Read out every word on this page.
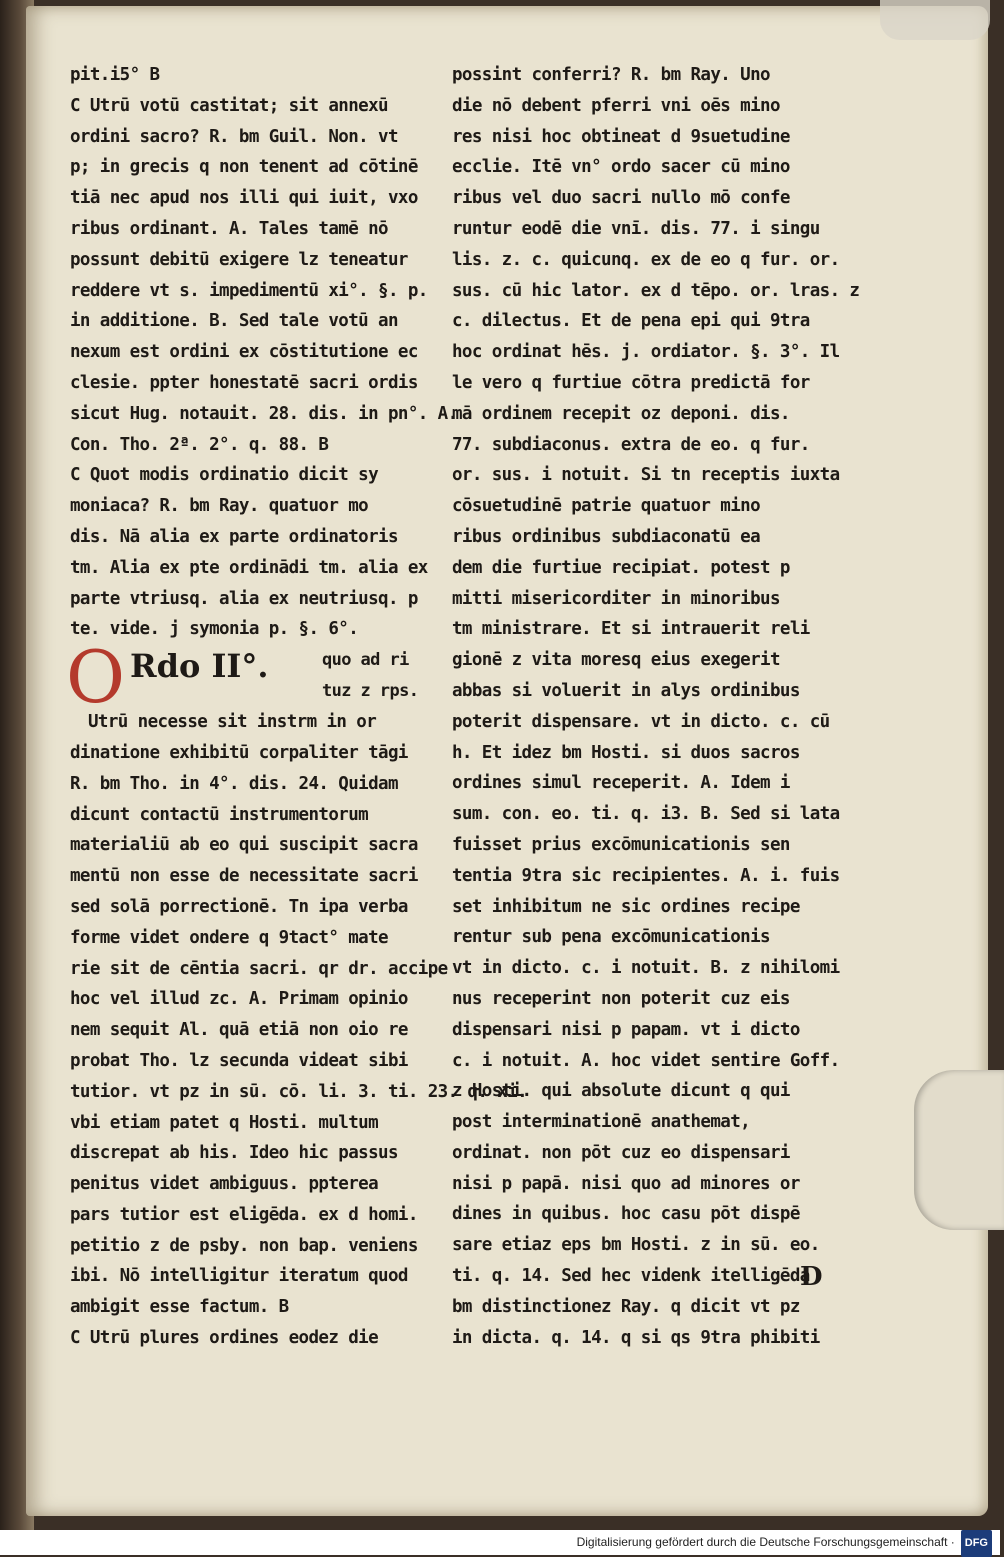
pit.i5° B
C Utrū votū castitat; sit annexū
ordini sacro? R. bm Guil. Non. vt
p; in grecis q non tenent ad cōtinē
tiā nec apud nos illi qui iuit, vxo
ribus ordinant. A. Tales tamē nō
possunt debitū exigere lz teneatur
reddere vt s. impedimentū xi°. §. p.
in additione. B. Sed tale votū an
nexum est ordini ex cōstitutione ec
clesie. ppter honestatē sacri ordis
sicut Hug. notauit. 28. dis. in pn°. A.
Con. Tho. 2ª. 2°. q. 88. B
C Quot modis ordinatio dicit sy
moniaca? R. bm Ray. quatuor mo
dis. Nā alia ex parte ordinatoris
tm. Alia ex pte ordinādi tm. alia ex
parte vtriusq. alia ex neutriusq. p
te. vide. j symonia p. §. 6°.
O Rdo II°.	quo ad ri
tuz z rps.
Utrū necesse sit instrm in or
dinatione exhibitū corpaliter tāgi
R. bm Tho. in 4°. dis. 24. Quidam
dicunt contactū instrumentorum
materialiū ab eo qui suscipit sacra
mentū non esse de necessitate sacri
sed solā porrectionē. Tn ipa verba
forme videt ondere q 9tact° mate
rie sit de cēntia sacri. qr dr. accipe
hoc vel illud zc. A. Primam opinio
nem sequit Al. quā etiā non oio re
probat Tho. lz secunda videat sibi
tutior. vt pz in sū. cō. li. 3. ti. 23. q. xi.
vbi etiam patet q Hosti. multum
discrepat ab his. Ideo hic passus
penitus videt ambiguus. ppterea
pars tutior est eligēda. ex d homi.
petitio z de psby. non bap. veniens
ibi. Nō intelligitur iteratum quod
ambigit esse factum. B
C Utrū plures ordines eodez die
possint conferri? R. bm Ray. Uno
die nō debent pferri vni oēs mino
res nisi hoc obtineat d 9suetudine
ecclie. Itē vn° ordo sacer cū mino
ribus vel duo sacri nullo mō confe
runtur eodē die vnī. dis. 77. i singu
lis. z. c. quicunq. ex de eo q fur. or.
sus. cū hic lator. ex d tēpo. or. lras. z
c. dilectus. Et de pena epi qui 9tra
hoc ordinat hēs. j. ordiator. §. 3°. Il
le vero q furtiue cōtra predictā for
mā ordinem recepit oz deponi. dis.
77. subdiaconus. extra de eo. q fur.
or. sus. i notuit. Si tn receptis iuxta
cōsuetudinē patrie quatuor mino
ribus ordinibus subdiaconatū ea
dem die furtiue recipiat. potest p
mitti misericorditer in minoribus
tm ministrare. Et si intrauerit reli
gionē z vita moresq eius exegerit
abbas si voluerit in alys ordinibus
poterit dispensare. vt in dicto. c. cū
h. Et idez bm Hosti. si duos sacros
ordines simul receperit. A. Idem i
sum. con. eo. ti. q. i3. B. Sed si lata
fuisset prius excōmunicationis sen
tentia 9tra sic recipientes. A. i. fuis
set inhibitum ne sic ordines recipe
rentur sub pena excōmunicationis
vt in dicto. c. i notuit. B. z nihilomi
nus receperint non poterit cuz eis
dispensari nisi p papam. vt i dicto
c. i notuit. A. hoc videt sentire Goff.
z Hosti. qui absolute dicunt q qui
post interminationē anathemat,
ordinat. non pōt cuz eo dispensari
nisi p papā. nisi quo ad minores or
dines in quibus. hoc casu pōt dispē
sare etiaz eps bm Hosti. z in sū. eo.
ti. q. 14. Sed hec videnk itelligēda
bm distinctionez Ray. q dicit vt pz
in dicta. q. 14. q si qs 9tra phibiti
D
Digitalisierung gefördert durch die Deutsche Forschungsgemeinschaft · DFG
